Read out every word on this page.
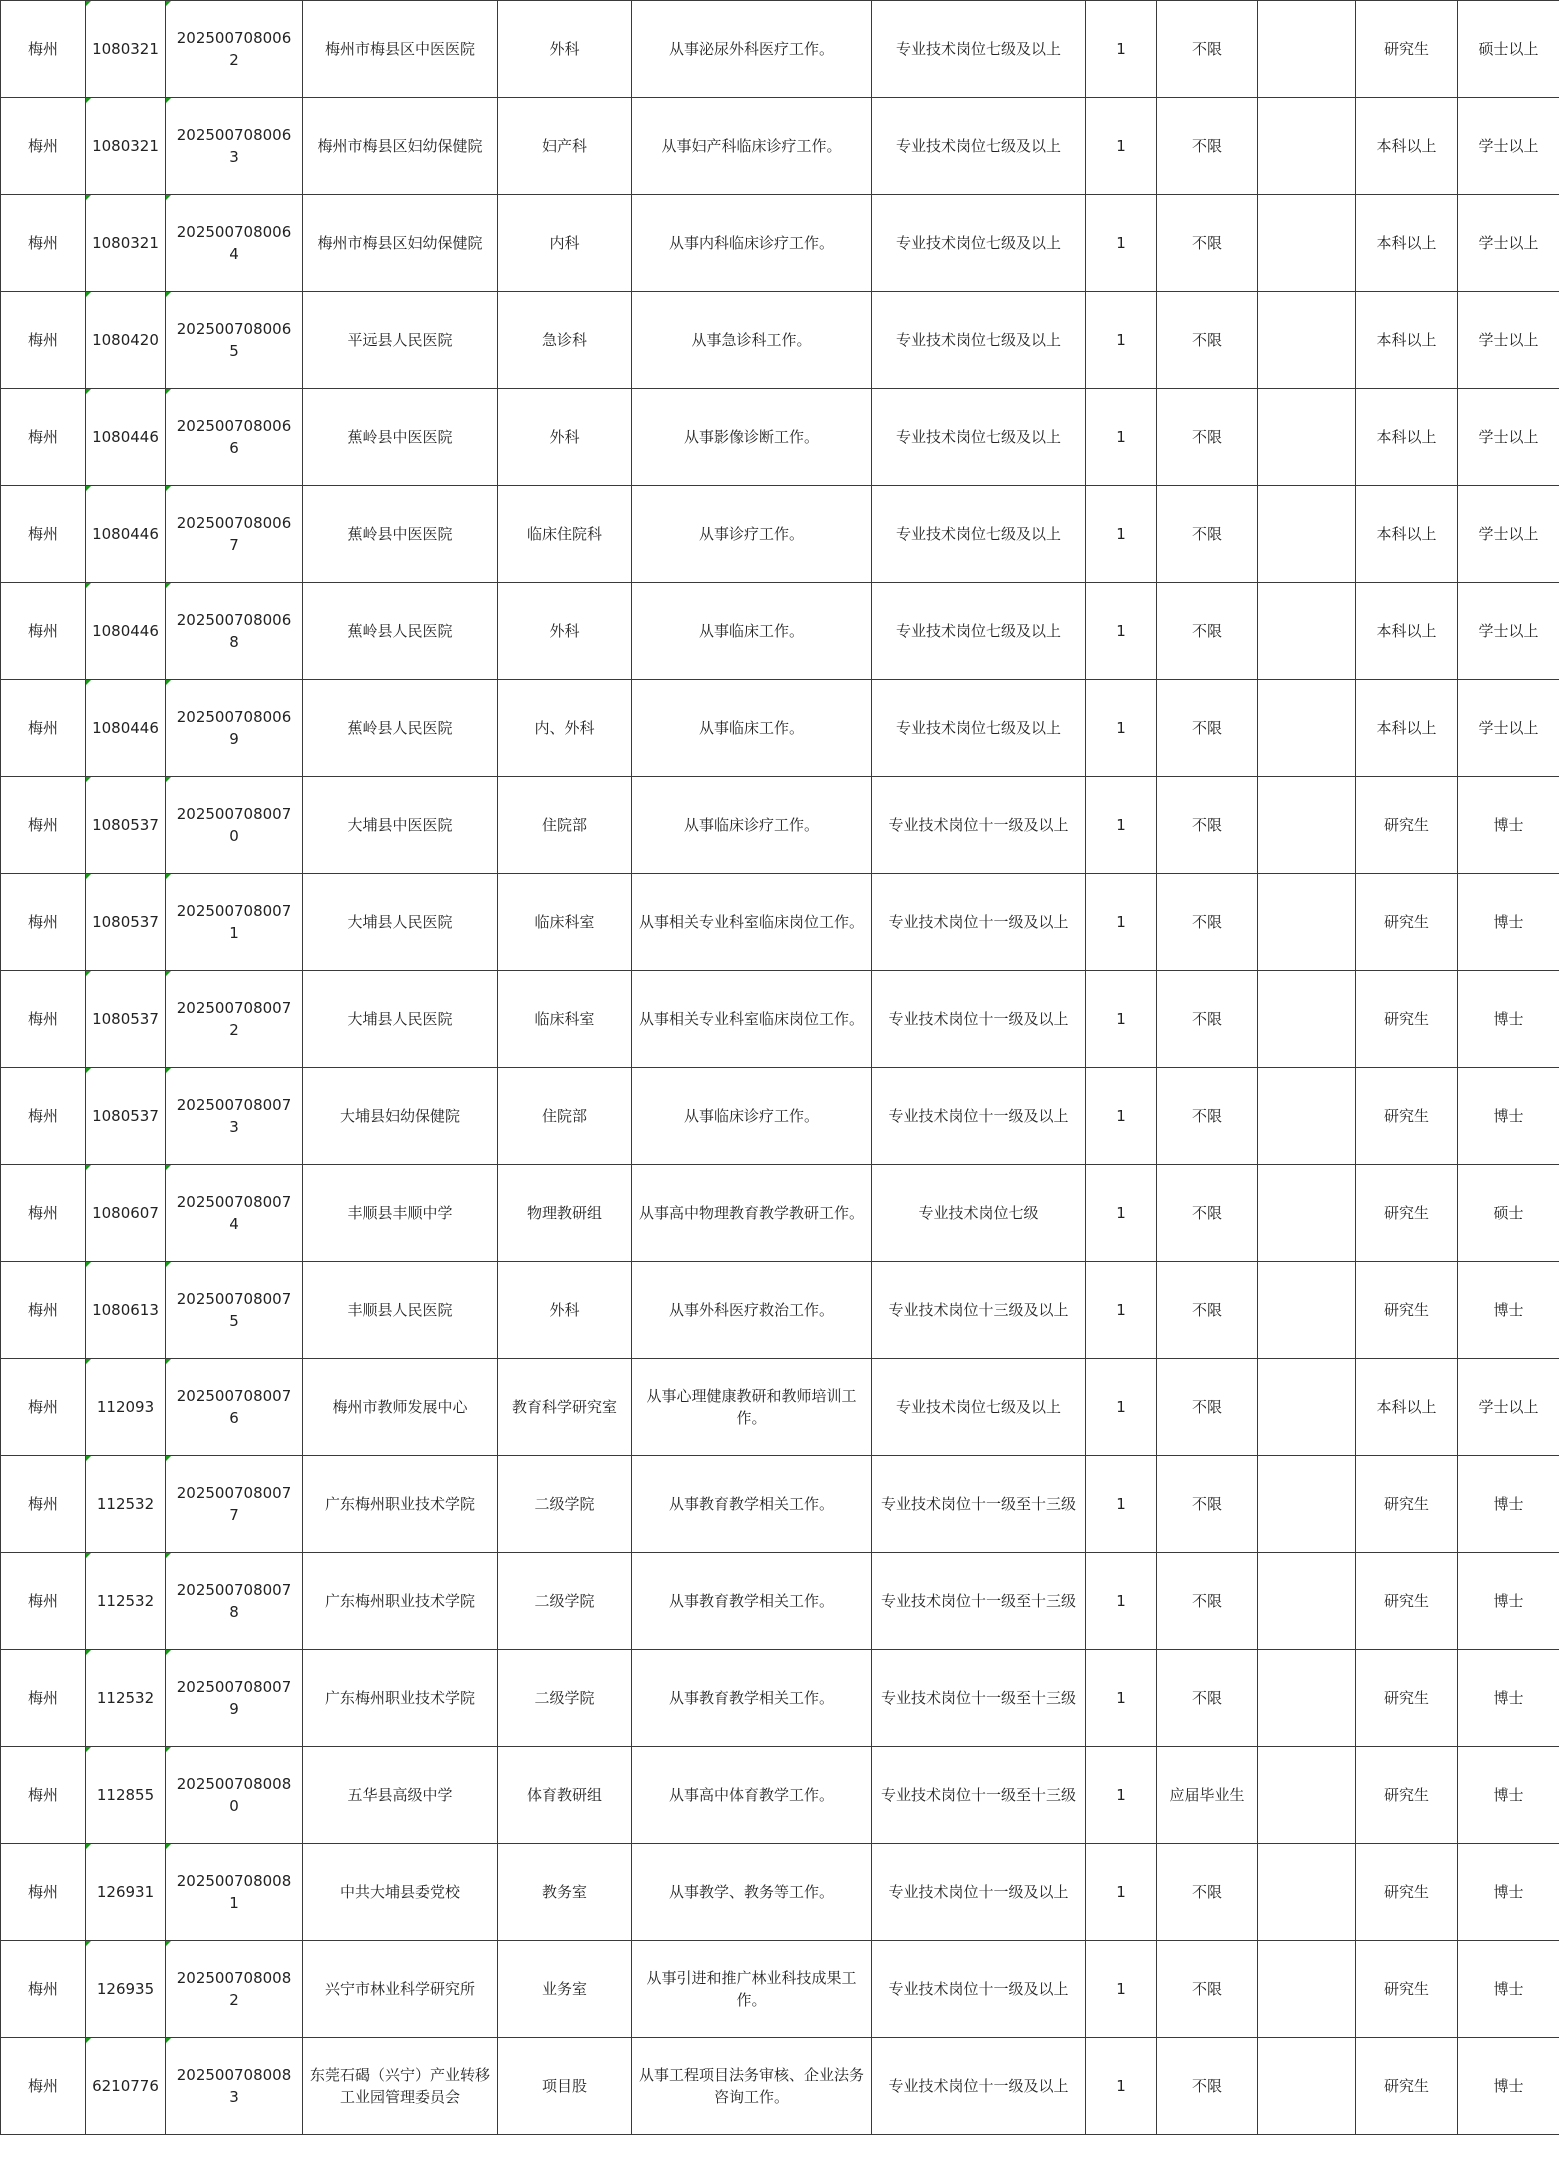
梅州	1080321	2025007080062	梅州市梅县区中医医院	外科	从事泌尿外科医疗工作。	专业技术岗位七级及以上	1	不限		研究生	硕士以上
梅州	1080321	2025007080063	梅州市梅县区妇幼保健院	妇产科	从事妇产科临床诊疗工作。	专业技术岗位七级及以上	1	不限		本科以上	学士以上
梅州	1080321	2025007080064	梅州市梅县区妇幼保健院	内科	从事内科临床诊疗工作。	专业技术岗位七级及以上	1	不限		本科以上	学士以上
梅州	1080420	2025007080065	平远县人民医院	急诊科	从事急诊科工作。	专业技术岗位七级及以上	1	不限		本科以上	学士以上
梅州	1080446	2025007080066	蕉岭县中医医院	外科	从事影像诊断工作。	专业技术岗位七级及以上	1	不限		本科以上	学士以上
梅州	1080446	2025007080067	蕉岭县中医医院	临床住院科	从事诊疗工作。	专业技术岗位七级及以上	1	不限		本科以上	学士以上
梅州	1080446	2025007080068	蕉岭县人民医院	外科	从事临床工作。	专业技术岗位七级及以上	1	不限		本科以上	学士以上
梅州	1080446	2025007080069	蕉岭县人民医院	内、外科	从事临床工作。	专业技术岗位七级及以上	1	不限		本科以上	学士以上
梅州	1080537	2025007080070	大埔县中医医院	住院部	从事临床诊疗工作。	专业技术岗位十一级及以上	1	不限		研究生	博士
梅州	1080537	2025007080071	大埔县人民医院	临床科室	从事相关专业科室临床岗位工作。	专业技术岗位十一级及以上	1	不限		研究生	博士
梅州	1080537	2025007080072	大埔县人民医院	临床科室	从事相关专业科室临床岗位工作。	专业技术岗位十一级及以上	1	不限		研究生	博士
梅州	1080537	2025007080073	大埔县妇幼保健院	住院部	从事临床诊疗工作。	专业技术岗位十一级及以上	1	不限		研究生	博士
梅州	1080607	2025007080074	丰顺县丰顺中学	物理教研组	从事高中物理教育教学教研工作。	专业技术岗位七级	1	不限		研究生	硕士
梅州	1080613	2025007080075	丰顺县人民医院	外科	从事外科医疗救治工作。	专业技术岗位十三级及以上	1	不限		研究生	博士
梅州	112093	2025007080076	梅州市教师发展中心	教育科学研究室	从事心理健康教研和教师培训工作。	专业技术岗位七级及以上	1	不限		本科以上	学士以上
梅州	112532	2025007080077	广东梅州职业技术学院	二级学院	从事教育教学相关工作。	专业技术岗位十一级至十三级	1	不限		研究生	博士
梅州	112532	2025007080078	广东梅州职业技术学院	二级学院	从事教育教学相关工作。	专业技术岗位十一级至十三级	1	不限		研究生	博士
梅州	112532	2025007080079	广东梅州职业技术学院	二级学院	从事教育教学相关工作。	专业技术岗位十一级至十三级	1	不限		研究生	博士
梅州	112855	2025007080080	五华县高级中学	体育教研组	从事高中体育教学工作。	专业技术岗位十一级至十三级	1	应届毕业生		研究生	博士
梅州	126931	2025007080081	中共大埔县委党校	教务室	从事教学、教务等工作。	专业技术岗位十一级及以上	1	不限		研究生	博士
梅州	126935	2025007080082	兴宁市林业科学研究所	业务室	从事引进和推广林业科技成果工作。	专业技术岗位十一级及以上	1	不限		研究生	博士
梅州	6210776	2025007080083	东莞石碣（兴宁）产业转移工业园管理委员会	项目股	从事工程项目法务审核、企业法务咨询工作。	专业技术岗位十一级及以上	1	不限		研究生	博士
